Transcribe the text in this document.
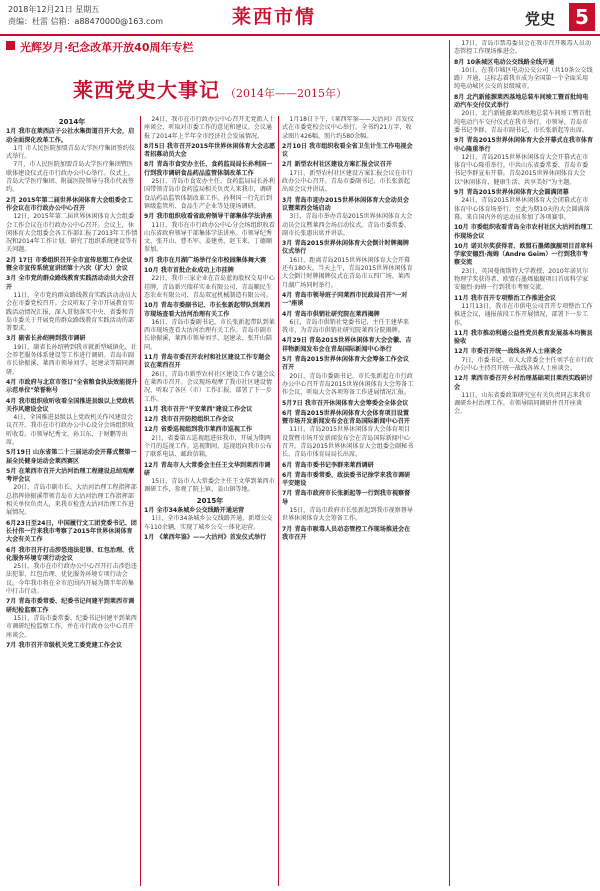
2018年12月21日 星期五
责编：杜雷 信箱：a88470000@163.com	莱西市情	党史	5
光辉岁月·纪念改革开放40周年专栏
莱西党史大事记 （2014年——2015年）
2014年
1月 我市在莱西店子公社水集街道召开大会，启动全面深化改革工作。
1月 市人民医院加盟青岛大学医疗集团签约仪式举行。
7月，市人民医院加盟青岛大学医疗集团暨医联体建设仪式在市行政办公中心举行。仪式上，青岛大学医疗集团、附属医院领导与我市代表签约。
2月 2015年第二届世界休闲体育大会组委会工作会议在市行政办公中心召开
12日，2015年第二届世界休闲体育大会组委会工作会议在市行政办公中心召开。会议上，休闲体育大会组委会各工作部汇报了2013年工作情况和2014年工作计划，研究了组织系统建设等有关问题。
2月 17日 市委组织召开全市宣传思想工作会议暨全市宣传系统宣讲团第十六次（扩大）会议
3月 全市党的群众路线教育实践活动动员大会召开
11日，全市党的群众路线教育实践活动动员大会在市委党校召开。会议听取了全市开展教育实践活动情况汇报，深入贯彻落实中央、省委和青岛市委关于开展党的群众路线教育实践活动的部署要求。
3月 副省长孙绍骋到我市调研
19日，副省长孙绍骋到我市就新型城镇化、社会养老服务体系建设等工作进行调研。青岛市副市长徐振溪、莱西市领导刘孚、赵建录等陪同调研。
4月 市政府与北京市签订"全省粮食执法效能提升示范单位"荣誉称号
4月 我市组织收听收看全国推进县级以上党政机关作风建设会议
4日，全国推进县级以上党政机关作风建设会议召开。我市在市行政办公中心设分会场组织收听收看。市领导纪秀文、孙卫东、于财鹏等出席。
5月19日 山东省第二十三届运动会开幕式暨第一届全民健身运动会莱西赛区
5月 在莱西市召开大沽河治理工程建设总结观摩考评会议
20日，青岛市副市长、大沽河治理工程指挥部总指挥徐振溪带领青岛市大沽河治理工作指挥部相关单位负责人，来我市检查大沽河治理工作进展情况。
6月23日至24日，中国履行文工团党委书记、团长付伟一行来我市考察了2015年世界休闲体育大会有关工作
6月 我市召开打击涉恐违法犯罪、红包治理、优化服务环境专项行动会议
25日，我市在市行政办公中心召开打击涉恐违法犯罪、红包治理、优化服务环境专项行动会议。今年我市将在全市范围内开展为期半年的集中打击行动。
7月 青岛市委常委、纪委书记何建平到莱西市调研纪检监察工作
15日，青岛市委常委、纪委书记何建平到莱西市调研纪检监察工作，并在市行政办公中心召开座谈会。
7月 我市召开市级机关党工委党建工作会议
24日，我市在市行政办公中心召开无党派人士座谈会，听取对市委工作的意见和建议。会议通报了2014年上半年全市经济社会发展情况。
8月5日 我市召开2015年世界休闲体育大会志愿者招募动员大会
8月 青岛市食安办主任、食药监局局长孙利国一行到我市调研食品药品监管体制改革工作
25日，青岛市食安办主任、食药监局局长孙利国带领青岛市食药监局相关负责人来我市，调研食品药品监管体制改革工作。孙利国一行先后到镇级监管所、食品生产企业等处现场调研。
9月 我市组织收看省政府领导干部集体学法讲座
11日，我市在市行政办公中心分会场组织收看山东省政府领导干部集体学法讲座。市领导纪秀文、张开山、曹丕军、姜建勇、赵玉来、丁德顺参加。
9月 我市在月湖广场举行全市校园集体舞大赛
10月 我市首批企业成功上市挂牌
22日，我市三家企业在青岛蓝海股权交易中心挂牌，青岛新兴瑞祥实业有限公司、青岛顺民生态农业有限公司、青岛双冠机械制造有限公司。
10月 青岛市委副书记、市长张新起带队到莱西市现场查看大沽河治理有关工作
16日，青岛市委副书记、市长张新起带队到莱西市现场查看大沽河治理有关工作。青岛市副市长徐振溪，莱西市领导刘孚、赵建录、张开山陪同。
11月 青岛市委召开农村和社区建设工作专题会议在莱西召开
26日，青岛市新型农村社区建设工作专题会议在莱西市召开。会议现场观摩了我市社区建设情况，听取了各区（市）工作汇报，部署了下一步工作。
11月 我市召开"平安莱西"建设工作会议
12月 我市召开防控组织工作会议
12月 省委巡视组到我市莱西市巡视工作
2日，省委第五巡视组进驻我市，开展为期两个月的巡视工作。巡视期间，巡视组向我市公布了联系电话、邮政信箱。
12月 青岛市人大常委会主任王文华到莱西市调研
15日，青岛市人大常委会主任王文华到莱西市调研工作，参观了院上镇、姜山镇等地。
2015年
1月 全市34条城乡公交线路开通运营
1日，全市34条城乡公交线路开通，新增公交车110余辆，实现了城乡公交一体化运营。
1月 《莱西年鉴》——大沽河》首发仪式举行
1月18日下午，《莱西年鉴——大沽河》首发仪式在市委党校会议中心举行。全书约21万字，收录图片426幅，照片约580余幅。
2月10日 我市组织收看全省卫生计生工作电视会议
2月 新型农村社区建设方案汇报会议召开
17日，新型农村社区建设方案汇报会议在市行政办公中心召开。青岛市委副书记、市长张新起出席会议并讲话。
3月 青岛市迎办2015世界休闲体育大会动员会议暨莱西会场启动
3日，青岛市举办青岛2015世界休闲体育大会动员会议暨莱西会场启动仪式。青岛市委常委、副市长张惠出席并讲话。
3月 青岛2015世界休闲体育大会倒计时牌揭牌仪式举行
16日，距离青岛2015世界休闲体育大会开幕还有180天。当天上午，青岛2015世界休闲体育大会倒计时牌揭牌仪式在青岛市五四广场、莱西月湖广场同时举行。
4月 青岛市领导班子同莱西市民政局召开"一对一"座谈
4月 青岛市供销社研究院在莱西揭牌
6日，青岛市供销社党委书记、主任王建华来我市，为青岛市供销社研究院莱西分院揭牌。
4月29日 青岛2015世界休闲体育大会会徽、吉祥物新闻发布会在青岛国际新闻中心举行
5月 青岛2015世界休闲体育大会筹备工作会议召开
20日，青岛市委副书记、市长张新起在市行政办公中心召开青岛2015世界休闲体育大会筹备工作会议，听取大会各项筹备工作进展情况汇报。
5月7日 我市召开休闲体育大会筹委会全体会议
6月 青岛2015世界休闲体育大会体育项目设置暨市场开发新闻发布会在青岛国际新闻中心召开
11日，青岛2015世界休闲体育大会体育项目设置暨市场开发新闻发布会在青岛国际新闻中心召开。青岛2015世界休闲体育大会组委会副秘书长、青岛市体育局局长出席。
6月 青岛市委书记李群来莱西调研
6月 青岛市委常委、政法委书记徐学来我市调研平安建设
7月 青岛市政府市长张新起等一行到我市视察督导
15日，青岛市政府市长张新起到我市视察督导世界休闲体育大会筹备工作。
7月 青岛市吸毒人员动态管控工作现场推进会在我市召开
17日，青岛市禁毒委员会在我市召开吸毒人员动态管控工作现场推进会。
8月 10条城区电动公交线路全线开通
10日，在我市城区电动公交公司（共10条公交线路）开通，这标志着我市成为全国第一个全面采用纯电动城区公交的县级城市。
8月 北汽新能源莱西基地总装车间竣工暨首批纯电动汽车交付仪式举行
20日，北汽新能源莱西基地总装车间竣工暨首批纯电动汽车交付仪式在我市举行。市领导、青岛市委书记李群、青岛市副书记、市长张新起等出席。
9月 青岛2015世界休闲体育大会开幕式在我市体育中心隆重举行
12日，青岛2015世界休闲体育大会开幕式在市体育中心隆重举行。中共山东省委常委、青岛市委书记李群宣布开幕。青岛2015世界休闲体育大会以"休闲体育、健康生活、共享美好"为主题。
9月 青岛2015世界休闲体育大会圆满闭幕
24日，青岛2015世界休闲体育大会闭幕式在市体育中心体育场举行。至此为期10天的大会圆满落幕。来自国内外的运动员参加了各项赛事。
10月 市委组织收看青岛全市农村社区大沽河治理工作现场会议
10月 诺贝尔奖获得者、欧盟石墨烯旗舰项目首席科学家安德烈·海姆（Andre Geim）一行到我市考察交流
23日，英国曼彻斯特大学教授、2010年诺贝尔物理学奖获得者、欧盟石墨烯旗舰项目首席科学家安德烈·海姆一行到我市考察交流。
11月 我市召开专项整治工作推进会议
11月13日，我市在市供电公司召开专项整治工作推进会议，通报前段工作开展情况，部署下一步工作。
11月 我市推动利通公益性党员教育发展基本均衡县验收
12月 市委召开统一战线各界人士座谈会
7日，市委书记、市人大常委会主任刘孚在市行政办公中心主持召开统一战线各界人士座谈会。
12月 莱西市委召开乡村治理基础项目莱西实践研讨会
11日，山东省委政策研究室有关负责同志来我市调研乡村治理工作。市领导陪同调研并召开座谈会。
